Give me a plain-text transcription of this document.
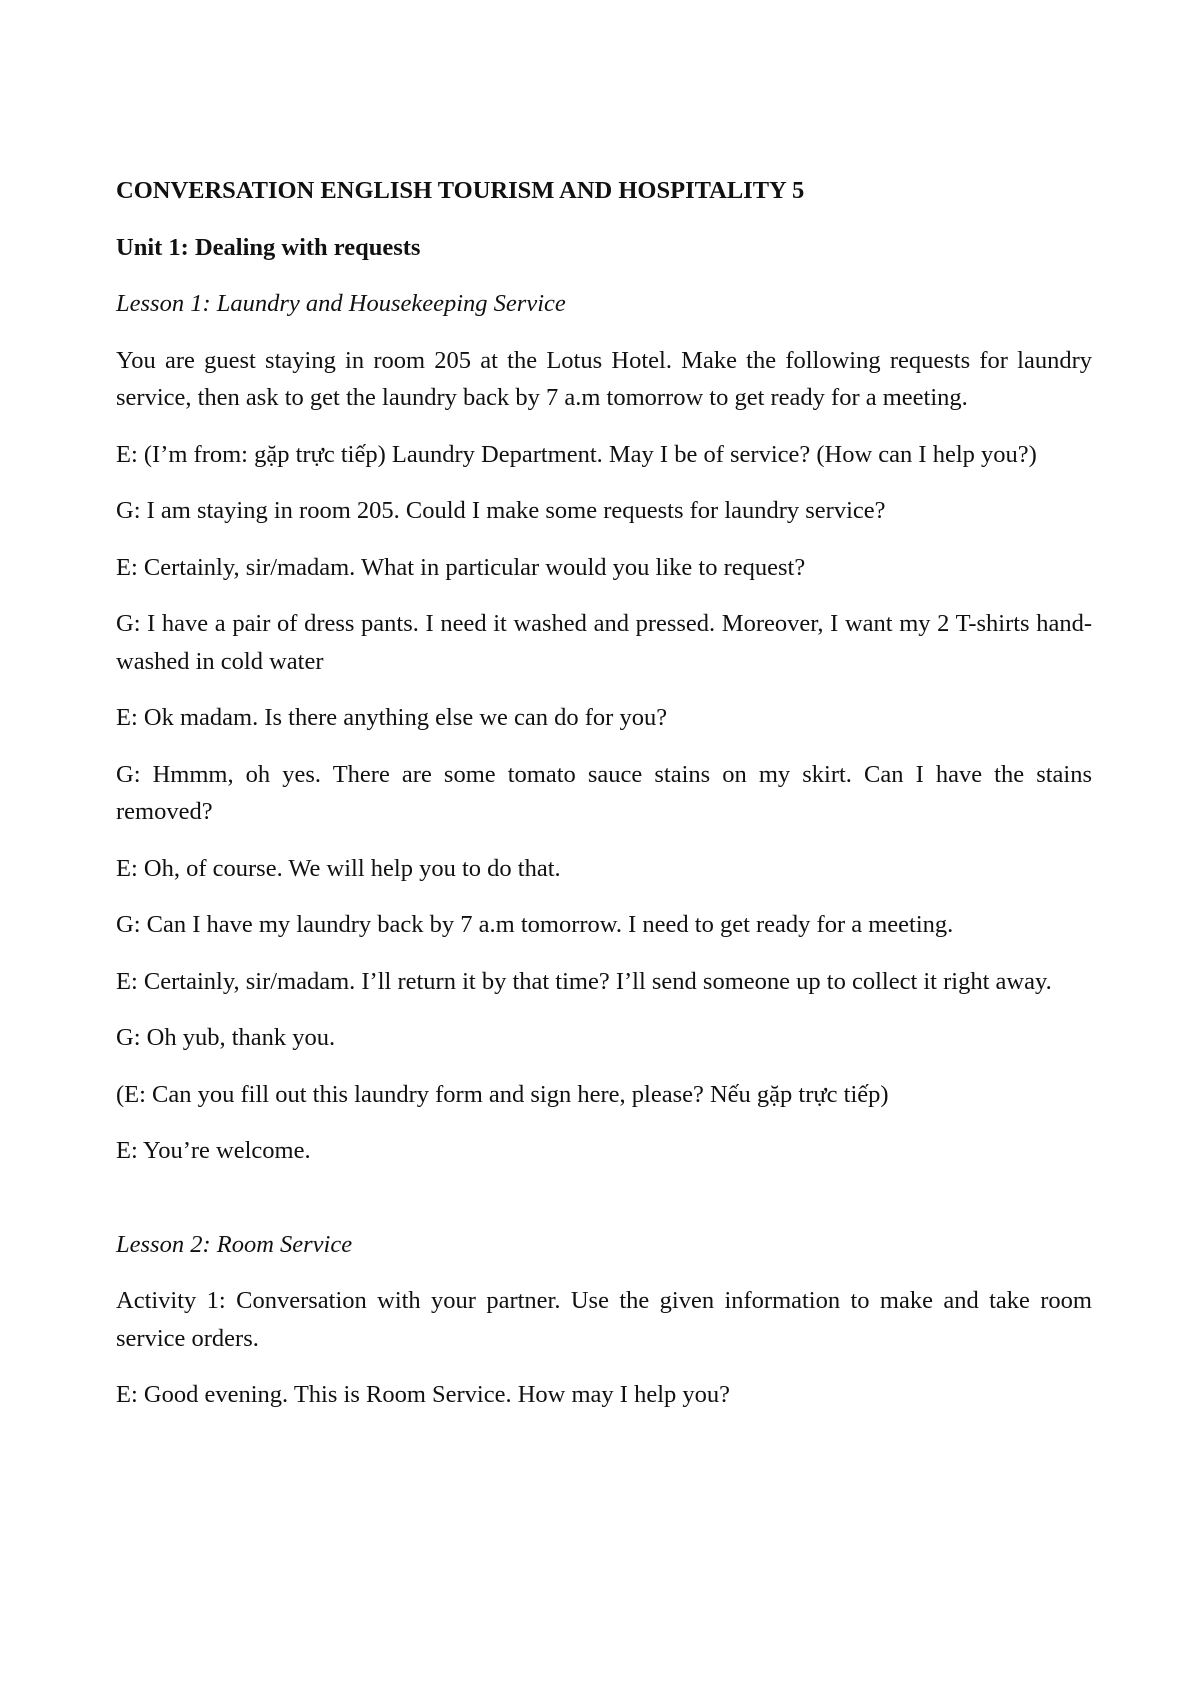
CONVERSATION ENGLISH TOURISM AND HOSPITALITY 5

Unit 1: Dealing with requests

Lesson 1: Laundry and Housekeeping Service

You are guest staying in room 205 at the Lotus Hotel. Make the following requests for laundry service, then ask to get the laundry back by 7 a.m tomorrow to get ready for a meeting.

E: (I’m from: gặp trực tiếp) Laundry Department. May I be of service? (How can I help you?)

G: I am staying in room 205. Could I make some requests for laundry service?

E: Certainly, sir/madam. What in particular would you like to request?

G: I have a pair of dress pants. I need it washed and pressed. Moreover, I want my 2 T-shirts hand-washed in cold water

E: Ok madam. Is there anything else we can do for you?

G: Hmmm, oh yes. There are some tomato sauce stains on my skirt. Can I have the stains removed?

E: Oh, of course. We will help you to do that.

G: Can I have my laundry back by 7 a.m tomorrow. I need to get ready for a meeting.

E: Certainly, sir/madam. I’ll return it by that time? I’ll send someone up to collect it right away.

G: Oh yub, thank you.

(E: Can you fill out this laundry form and sign here, please? Nếu gặp trực tiếp)

E: You’re welcome.

Lesson 2: Room Service

Activity 1: Conversation with your partner. Use the given information to make and take room service orders.

E: Good evening. This is Room Service. How may I help you?
